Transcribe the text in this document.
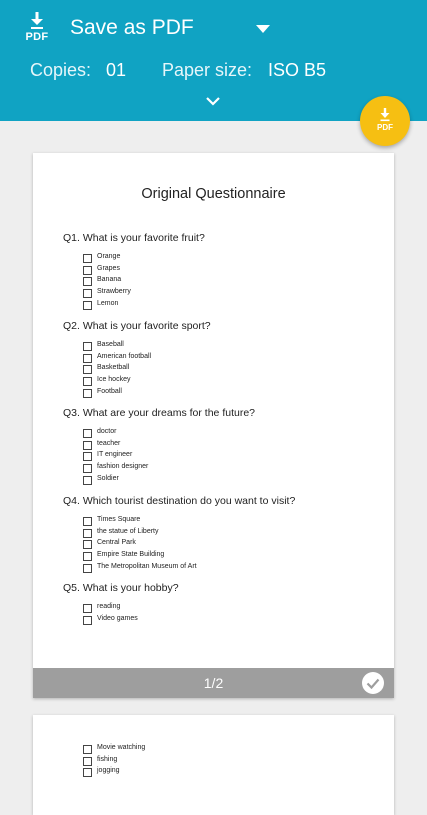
PDF Save as PDF
Copies: 01 Paper size: ISO B5
PDF
Original Questionnaire
Q1. What is your favorite fruit?
Orange
Grapes
Banana
Strawberry
Lemon
Q2. What is your favorite sport?
Baseball
American football
Basketball
Ice hockey
Football
Q3. What are your dreams for the future?
doctor
teacher
IT engineer
fashion designer
Soldier
Q4. Which tourist destination do you want to visit?
Times Square
the statue of Liberty
Central Park
Empire State Building
The Metropolitan Museum of Art
Q5. What is your hobby?
reading
Video games
1/2
Movie watching
fishing
jogging
